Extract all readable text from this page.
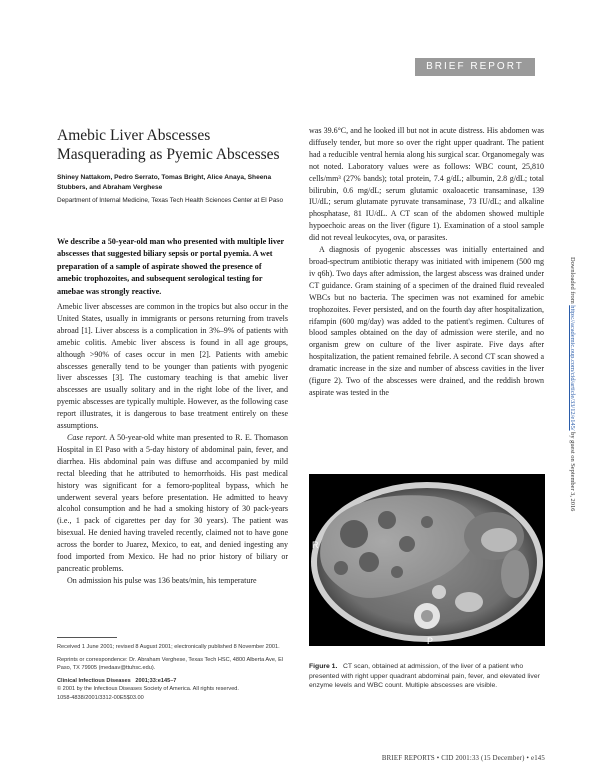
BRIEF REPORT
Amebic Liver Abscesses Masquerading as Pyemic Abscesses
Shiney Nattakom, Pedro Serrato, Tomas Bright, Alice Anaya, Sheena Stubbers, and Abraham Verghese
Department of Internal Medicine, Texas Tech Health Sciences Center at El Paso
We describe a 50-year-old man who presented with multiple liver abscesses that suggested biliary sepsis or portal pyemia. A wet preparation of a sample of aspirate showed the presence of amebic trophozoites, and subsequent serological testing for amebae was strongly reactive.

Amebic liver abscesses are common in the tropics but also occur in the United States, usually in immigrants or persons returning from travels abroad [1]. Liver abscess is a complication in 3%–9% of patients with amebic colitis. Amebic liver abscess is found in all age groups, although >90% of cases occur in men [2]. Patients with amebic abscesses generally tend to be younger than patients with pyogenic liver abscesses [3]. The customary teaching is that amebic liver abscesses are usually solitary and in the right lobe of the liver, and pyemic abscesses are typically multiple. However, as the following case report illustrates, it is dangerous to base treatment entirely on these assumptions.

Case report. A 50-year-old white man presented to R. E. Thomason Hospital in El Paso with a 5-day history of abdominal pain, fever, and diarrhea. His abdominal pain was diffuse and accompanied by mild rectal bleeding that he attributed to hemorrhoids. His past medical history was significant for a femoro-popliteal bypass, which he underwent several years before presentation. He admitted to heavy alcohol consumption and he had a smoking history of 30 pack-years (i.e., 1 pack of cigarettes per day for 30 years). The patient was bisexual. He denied having traveled recently, claimed not to have gone across the border to Juarez, Mexico, to eat, and denied ingesting any food imported from Mexico. He had no prior history of biliary or pancreatic problems.

On admission his pulse was 136 beats/min, his temperature

Received 1 June 2001; revised 8 August 2001; electronically published 8 November 2001.
Reprints or correspondence: Dr. Abraham Verghese, Texas Tech HSC, 4800 Alberta Ave, El Paso, TX 79905 (medaav@ttuhsc.edu).
Clinical Infectious Diseases 2001;33:e145–7
© 2001 by the Infectious Diseases Society of America. All rights reserved.
1058-4838/2001/3312-00E5$03.00

was 39.6°C, and he looked ill but not in acute distress. His abdomen was diffusely tender, but more so over the right upper quadrant. The patient had a reducible ventral hernia along his surgical scar. Organomegaly was not noted. Laboratory values were as follows: WBC count, 25,810 cells/mm³ (27% bands); total protein, 7.4 g/dL; albumin, 2.8 g/dL; total bilirubin, 0.6 mg/dL; serum glutamic oxaloacetic transaminase, 139 IU/dL; serum glutamate pyruvate transaminase, 73 IU/dL; and alkaline phosphatase, 81 IU/dL. A CT scan of the abdomen showed multiple hypoechoic areas on the liver (figure 1). Examination of a stool sample did not reveal leukocytes, ova, or parasites.

A diagnosis of pyogenic abscesses was initially entertained and broad-spectrum antibiotic therapy was initiated with imipenem (500 mg iv q6h). Two days after admission, the largest abscess was drained under CT guidance. Gram staining of a specimen of the drained fluid revealed WBCs but no bacteria. The specimen was not examined for amebic trophozoites. Fever persisted, and on the fourth day after hospitalization, rifampin (600 mg/day) was added to the patient's regimen. Cultures of blood samples obtained on the day of admission were sterile, and no organism grew on culture of the liver aspirate. Five days after hospitalization, the patient remained febrile. A second CT scan showed a dramatic increase in the size and number of abscess cavities in the liver (figure 2). Two of the abscesses were drained, and the reddish brown aspirate was tested in the

R
P
Figure 1. CT scan, obtained at admission, of the liver of a patient who presented with right upper quadrant abdominal pain, fever, and elevated liver enzyme levels and WBC count. Multiple abscesses are visible.
Downloaded from https://academic.oup.com/cid/article/33/12/e145/ by guest on September 3, 2016
BRIEF REPORTS • CID 2001:33 (15 December) • e145
